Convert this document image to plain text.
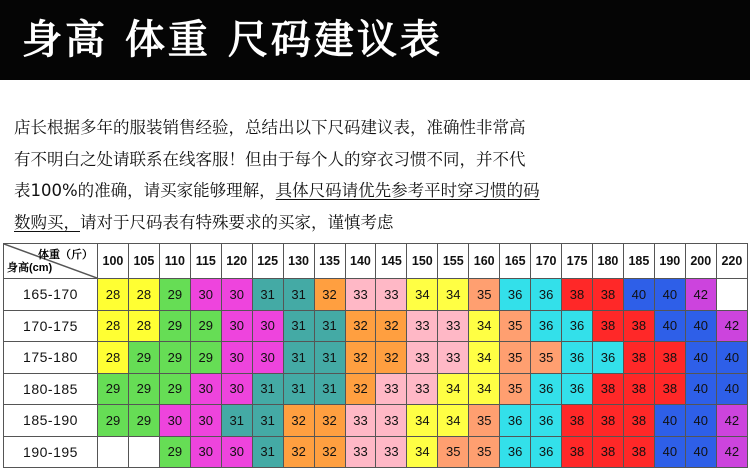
身高 体重 尺码建议表
店长根据多年的服装销售经验，总结出以下尺码建议表，准确性非常高
有不明白之处请联系在线客服！但由于每个人的穿衣习惯不同，并不代
表100%的准确，请买家能够理解，具体尺码请优先参考平时穿习惯的码
数购买，请对于尺码表有特殊要求的买家，谨慎考虑
体重（斤）
身高(cm)	100	105	110	115	120	125	130	135	140	145	150	155	160	165	170	175	180	185	190	200	220
165-170	28	28	29	30	30	31	31	32	33	33	34	34	35	36	36	38	38	40	40	42	
170-175	28	28	29	29	30	30	31	31	32	32	33	33	34	35	36	36	38	38	40	40	42
175-180	28	29	29	29	30	30	31	31	32	32	33	33	34	35	35	36	36	38	38	40	40
180-185	29	29	29	30	30	31	31	31	32	33	33	34	34	35	36	36	38	38	38	40	40
185-190	29	29	30	30	31	31	32	32	33	33	34	34	35	36	36	38	38	38	40	40	42
190-195			29	30	30	31	32	32	33	33	34	35	35	36	36	38	38	38	40	40	42
